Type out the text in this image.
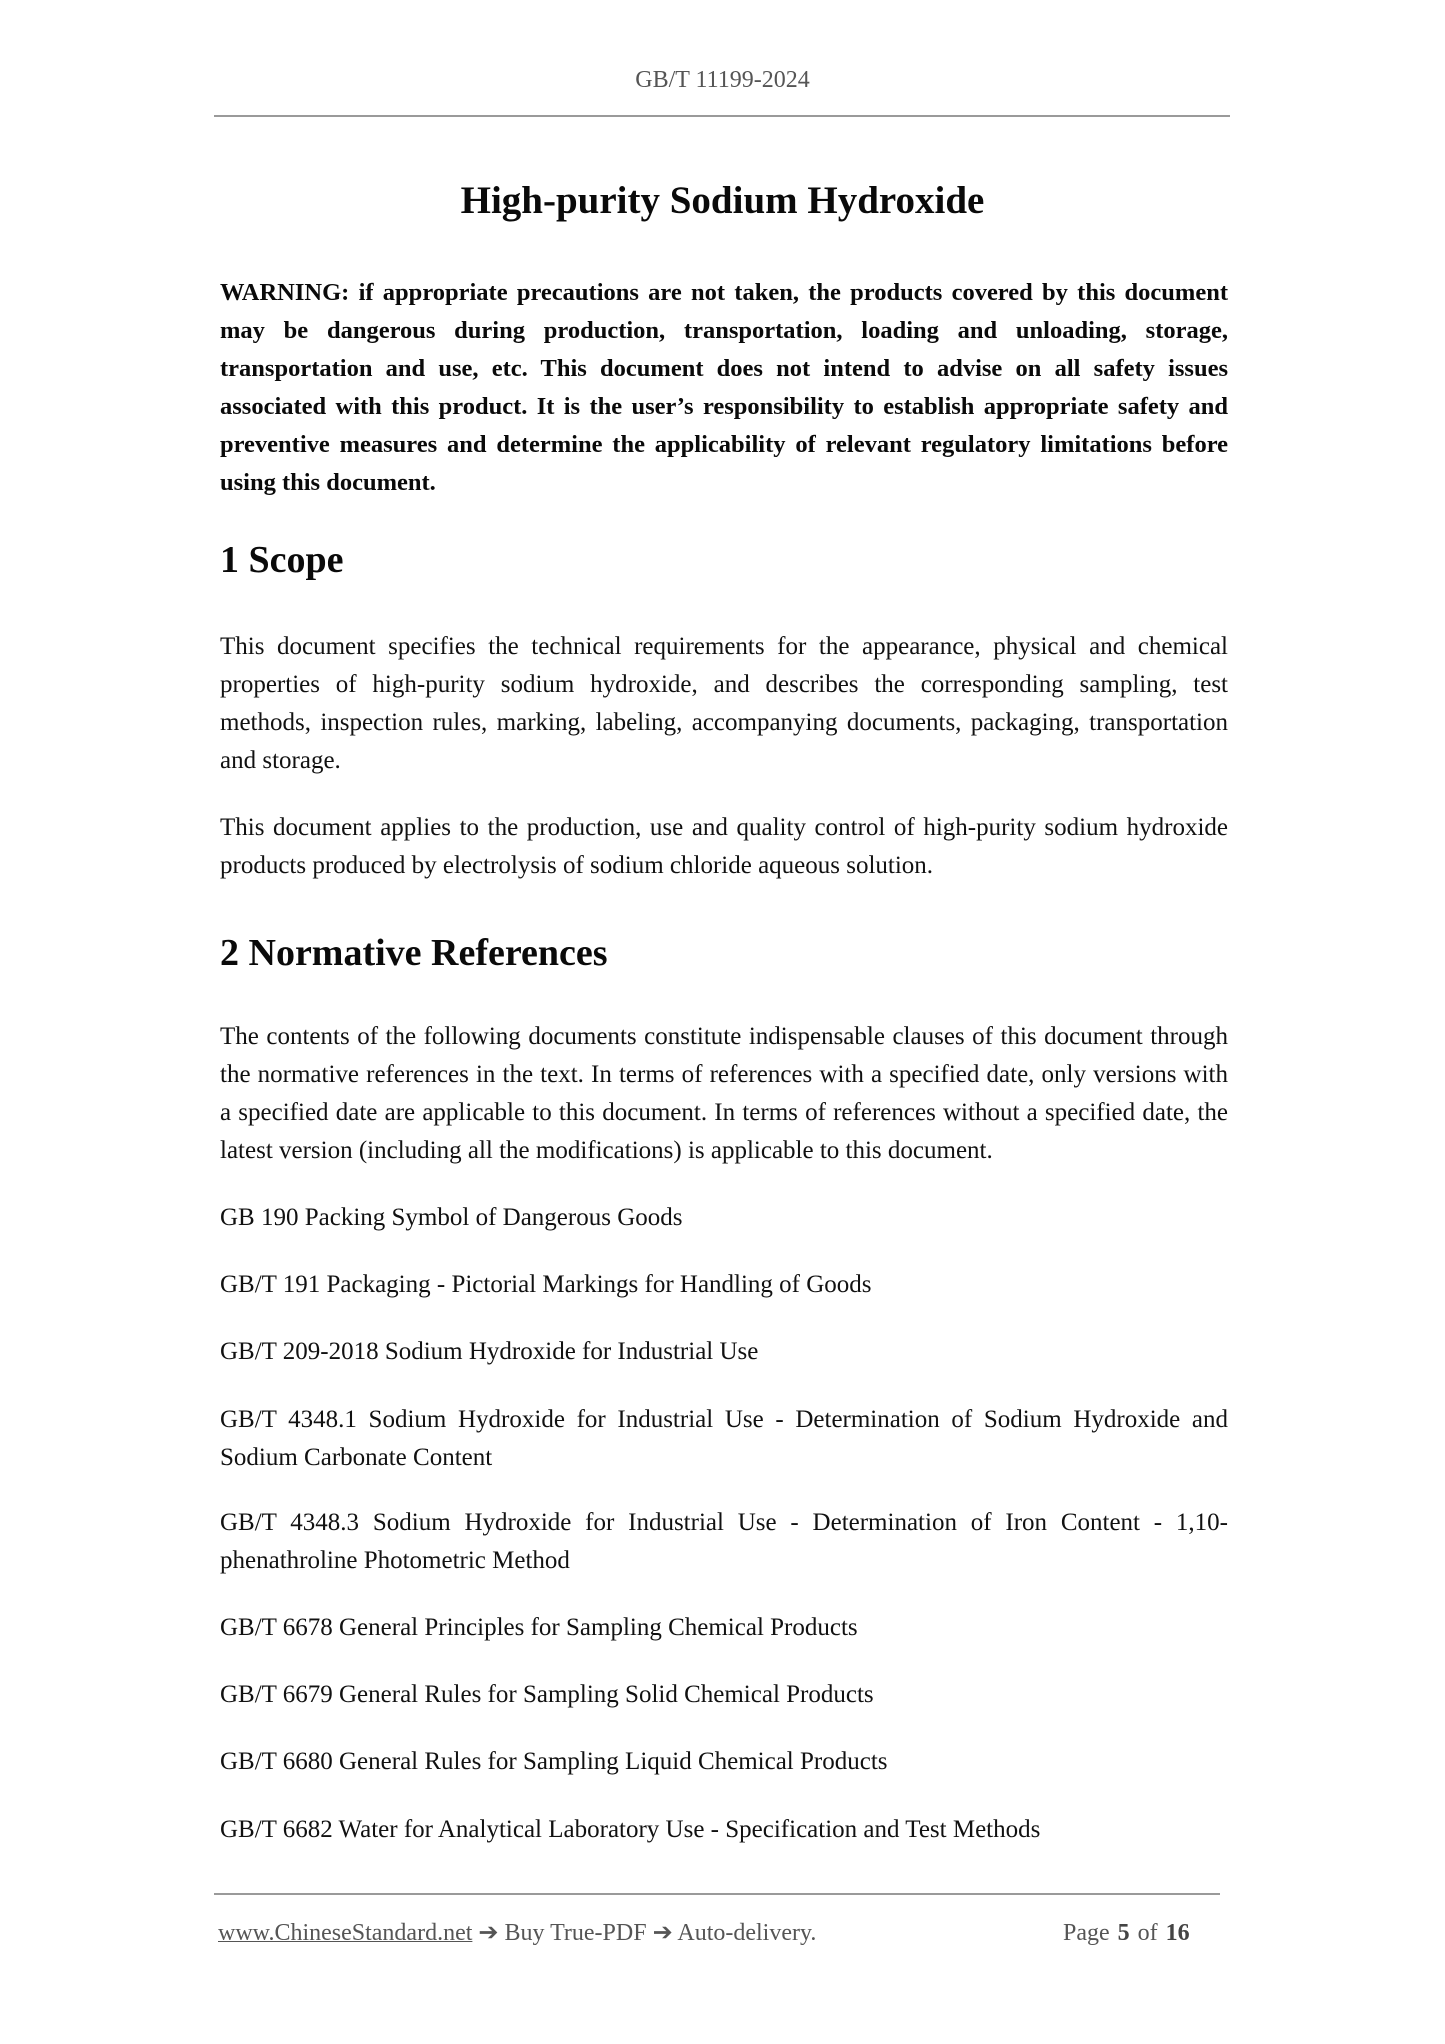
GB/T 11199-2024
High-purity Sodium Hydroxide

WARNING: if appropriate precautions are not taken, the products covered by this document may be dangerous during production, transportation, loading and unloading, storage, transportation and use, etc. This document does not intend to advise on all safety issues associated with this product. It is the user’s responsibility to establish appropriate safety and preventive measures and determine the applicability of relevant regulatory limitations before using this document.

1 Scope

This document specifies the technical requirements for the appearance, physical and chemical properties of high-purity sodium hydroxide, and describes the corresponding sampling, test methods, inspection rules, marking, labeling, accompanying documents, packaging, transportation and storage.

This document applies to the production, use and quality control of high-purity sodium hydroxide products produced by electrolysis of sodium chloride aqueous solution.

2 Normative References

The contents of the following documents constitute indispensable clauses of this document through the normative references in the text. In terms of references with a specified date, only versions with a specified date are applicable to this document. In terms of references without a specified date, the latest version (including all the modifications) is applicable to this document.

GB 190 Packing Symbol of Dangerous Goods

GB/T 191 Packaging - Pictorial Markings for Handling of Goods

GB/T 209-2018 Sodium Hydroxide for Industrial Use

GB/T 4348.1 Sodium Hydroxide for Industrial Use - Determination of Sodium Hydroxide and Sodium Carbonate Content

GB/T 4348.3 Sodium Hydroxide for Industrial Use - Determination of Iron Content - 1,10-phenathroline Photometric Method

GB/T 6678 General Principles for Sampling Chemical Products

GB/T 6679 General Rules for Sampling Solid Chemical Products

GB/T 6680 General Rules for Sampling Liquid Chemical Products

GB/T 6682 Water for Analytical Laboratory Use - Specification and Test Methods

www.ChineseStandard.net ➔ Buy True-PDF ➔ Auto-delivery.	Page 5 of 16
